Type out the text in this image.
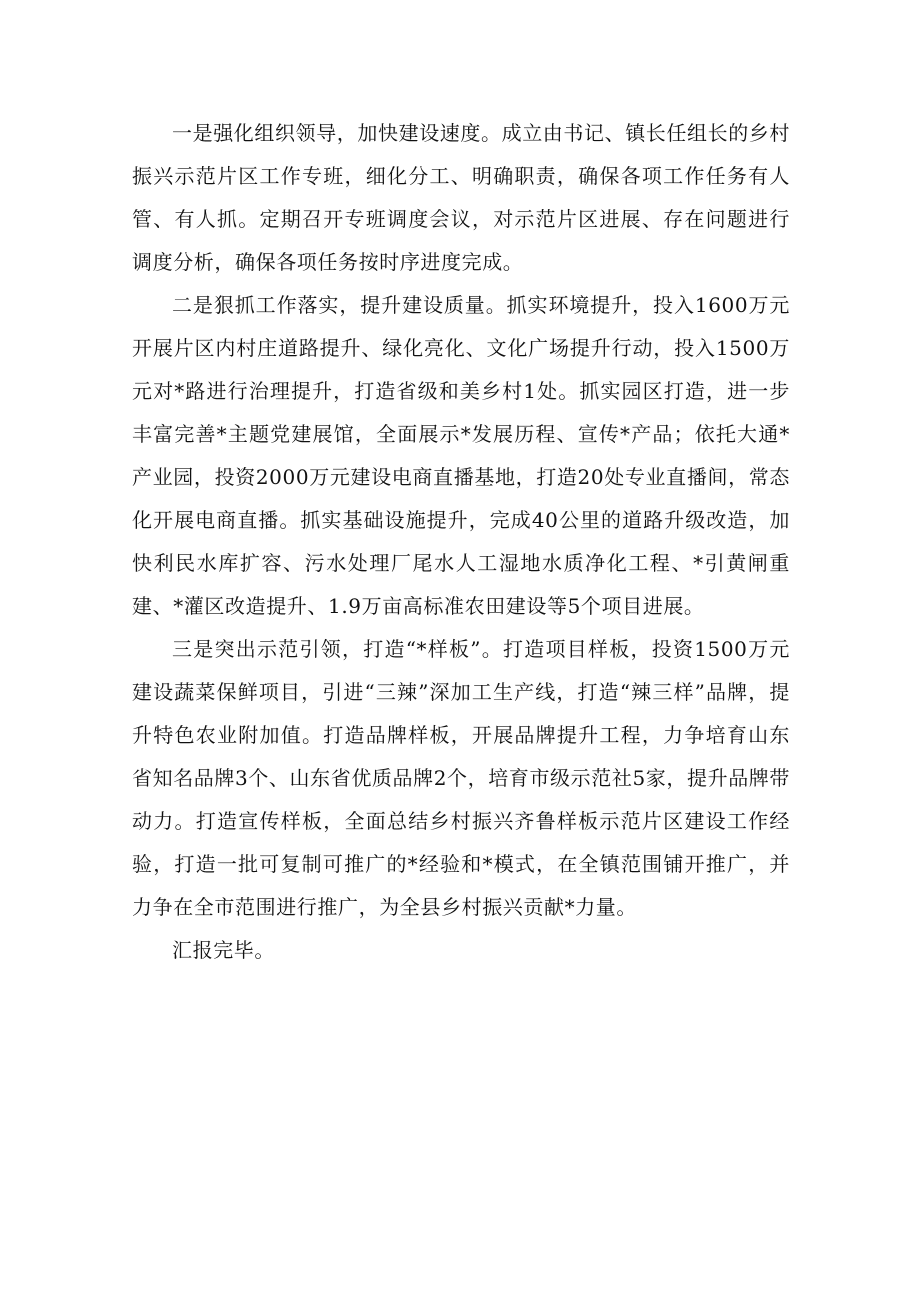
一是强化组织领导，加快建设速度。成立由书记、镇长任组长的乡村振兴示范片区工作专班，细化分工、明确职责，确保各项工作任务有人管、有人抓。定期召开专班调度会议，对示范片区进展、存在问题进行调度分析，确保各项任务按时序进度完成。

二是狠抓工作落实，提升建设质量。抓实环境提升，投入1600万元开展片区内村庄道路提升、绿化亮化、文化广场提升行动，投入1500万元对*路进行治理提升，打造省级和美乡村1处。抓实园区打造，进一步丰富完善*主题党建展馆，全面展示*发展历程、宣传*产品；依托大通*产业园，投资2000万元建设电商直播基地，打造20处专业直播间，常态化开展电商直播。抓实基础设施提升，完成40公里的道路升级改造，加快利民水库扩容、污水处理厂尾水人工湿地水质净化工程、*引黄闸重建、*灌区改造提升、1.9万亩高标准农田建设等5个项目进展。

三是突出示范引领，打造“*样板”。打造项目样板，投资1500万元建设蔬菜保鲜项目，引进“三辣”深加工生产线，打造“辣三样”品牌，提升特色农业附加值。打造品牌样板，开展品牌提升工程，力争培育山东省知名品牌3个、山东省优质品牌2个，培育市级示范社5家，提升品牌带动力。打造宣传样板，全面总结乡村振兴齐鲁样板示范片区建设工作经验，打造一批可复制可推广的*经验和*模式，在全镇范围铺开推广，并力争在全市范围进行推广，为全县乡村振兴贡献*力量。

汇报完毕。
